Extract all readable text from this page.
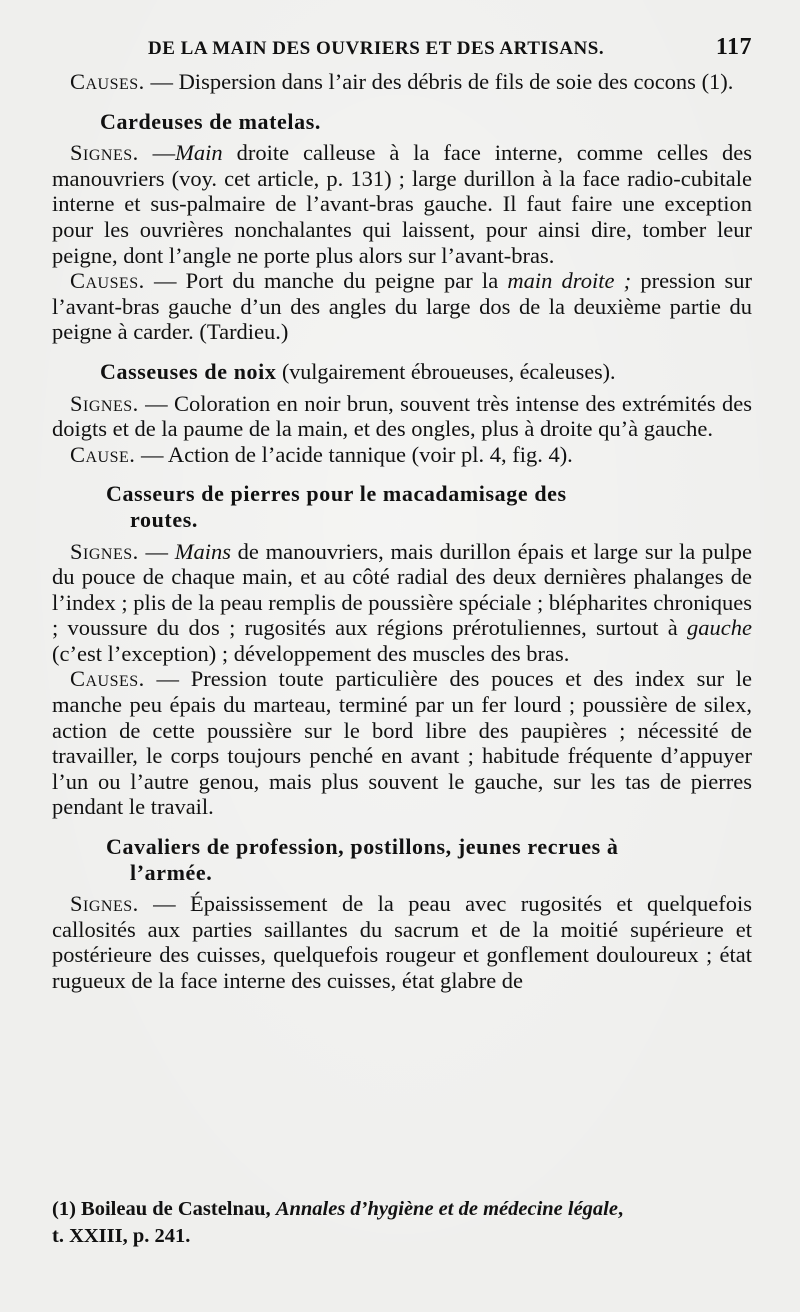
DE LA MAIN DES OUVRIERS ET DES ARTISANS.	117

Causes. — Dispersion dans l’air des débris de fils de soie des cocons (1).

Cardeuses de matelas.

Signes. —Main droite calleuse à la face interne, comme celles des manouvriers (voy. cet article, p. 131) ; large durillon à la face radio-cubitale interne et sus-palmaire de l’avant-bras gauche. Il faut faire une exception pour les ouvrières nonchalantes qui laissent, pour ainsi dire, tomber leur peigne, dont l’angle ne porte plus alors sur l’avant-bras.

Causes. — Port du manche du peigne par la main droite ; pression sur l’avant-bras gauche d’un des angles du large dos de la deuxième partie du peigne à carder. (Tardieu.)

Casseuses de noix (vulgairement ébroueuses, écaleuses).

Signes. — Coloration en noir brun, souvent très intense des extrémités des doigts et de la paume de la main, et des ongles, plus à droite qu’à gauche.

Cause. — Action de l’acide tannique (voir pl. 4, fig. 4).

Casseurs de pierres pour le macadamisage des
routes.

Signes. — Mains de manouvriers, mais durillon épais et large sur la pulpe du pouce de chaque main, et au côté radial des deux dernières phalanges de l’index ; plis de la peau remplis de poussière spéciale ; blépharites chroniques ; voussure du dos ; rugosités aux régions prérotuliennes, surtout à gauche (c’est l’exception) ; développement des muscles des bras.

Causes. — Pression toute particulière des pouces et des index sur le manche peu épais du marteau, terminé par un fer lourd ; poussière de silex, action de cette poussière sur le bord libre des paupières ; nécessité de travailler, le corps toujours penché en avant ; habitude fréquente d’appuyer l’un ou l’autre genou, mais plus souvent le gauche, sur les tas de pierres pendant le travail.

Cavaliers de profession, postillons, jeunes recrues à
l’armée.

Signes. — Épaississement de la peau avec rugosités et quelquefois callosités aux parties saillantes du sacrum et de la moitié supérieure et postérieure des cuisses, quelquefois rougeur et gonflement douloureux ; état rugueux de la face interne des cuisses, état glabre de

(1) Boileau de Castelnau, Annales d’hygiène et de médecine légale,
t. XXIII, p. 241.
